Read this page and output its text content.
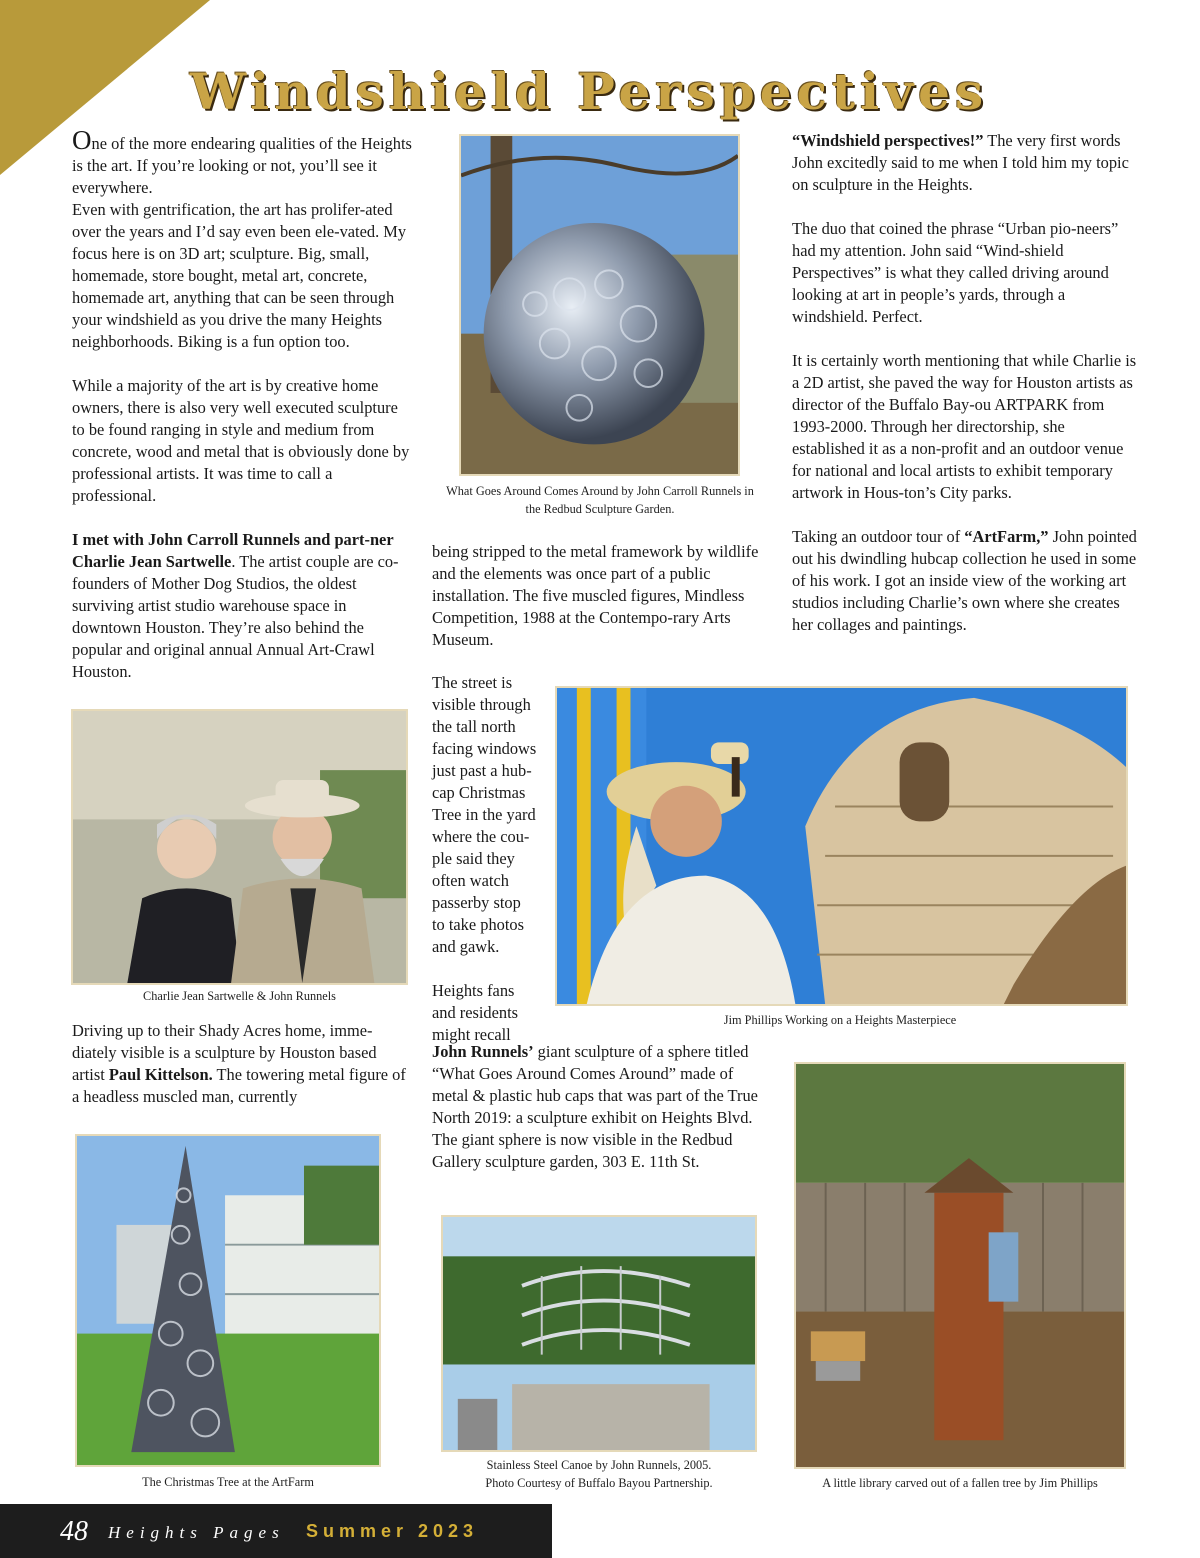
Windshield Perspectives

One of the more endearing qualities of the Heights is the art. If you’re looking or not, you’ll see it everywhere.

Even with gentrification, the art has prolifer-ated over the years and I’d say even been ele-vated. My focus here is on 3D art; sculpture. Big, small, homemade, store bought, metal art, concrete, homemade art, anything that can be seen through your windshield as you drive the many Heights neighborhoods. Biking is a fun option too.

While a majority of the art is by creative home owners, there is also very well executed sculpture to be found ranging in style and medium from concrete, wood and metal that is obviously done by professional artists. It was time to call a professional.

I met with John Carroll Runnels and part-ner Charlie Jean Sartwelle. The artist couple are co-founders of Mother Dog Studios, the oldest surviving artist studio warehouse space in downtown Houston. They’re also behind the popular and original annual Annual Art-Crawl Houston.

Driving up to their Shady Acres home, imme-diately visible is a sculpture by Houston based artist Paul Kittelson. The towering metal figure of a headless muscled man, currently

being stripped to the metal framework by wildlife and the elements was once part of a public installation. The five muscled figures, Mindless Competition, 1988 at the Contempo-rary Arts Museum.

The street is
visible through
the tall north
facing windows
just past a hub-
cap Christmas
Tree in the yard
where the cou-
ple said they
often watch
passerby stop
to take photos
and gawk.
Heights fans
and residents
might recall

John Runnels’ giant sculpture of a sphere titled “What Goes Around Comes Around” made of metal & plastic hub caps that was part of the True North 2019: a sculpture exhibit on Heights Blvd. The giant sphere is now visible in the Redbud Gallery sculpture garden, 303 E. 11th St.

“Windshield perspectives!” The very first words John excitedly said to me when I told him my topic on sculpture in the Heights.

The duo that coined the phrase “Urban pio-neers” had my attention. John said “Wind-shield Perspectives” is what they called driving around looking at art in people’s yards, through a windshield. Perfect.

It is certainly worth mentioning that while Charlie is a 2D artist, she paved the way for Houston artists as director of the Buffalo Bay-ou ARTPARK from 1993-2000. Through her directorship, she established it as a non-profit and an outdoor venue for national and local artists to exhibit temporary artwork in Hous-ton’s City parks.

Taking an outdoor tour of “ArtFarm,” John pointed out his dwindling hubcap collection he used in some of his work. I got an inside view of the working art studios including Charlie’s own where she creates her collages and paintings.

What Goes Around Comes Around by John Carroll Runnels in the Redbud Sculpture Garden.
Charlie Jean Sartwelle & John Runnels
Jim Phillips Working on a Heights Masterpiece
The Christmas Tree at the ArtFarm
Stainless Steel Canoe by John Runnels, 2005.
Photo Courtesy of Buffalo Bayou Partnership.	A little library carved out of a fallen tree by Jim Phillips
48 Heights Pages Summer 2023
